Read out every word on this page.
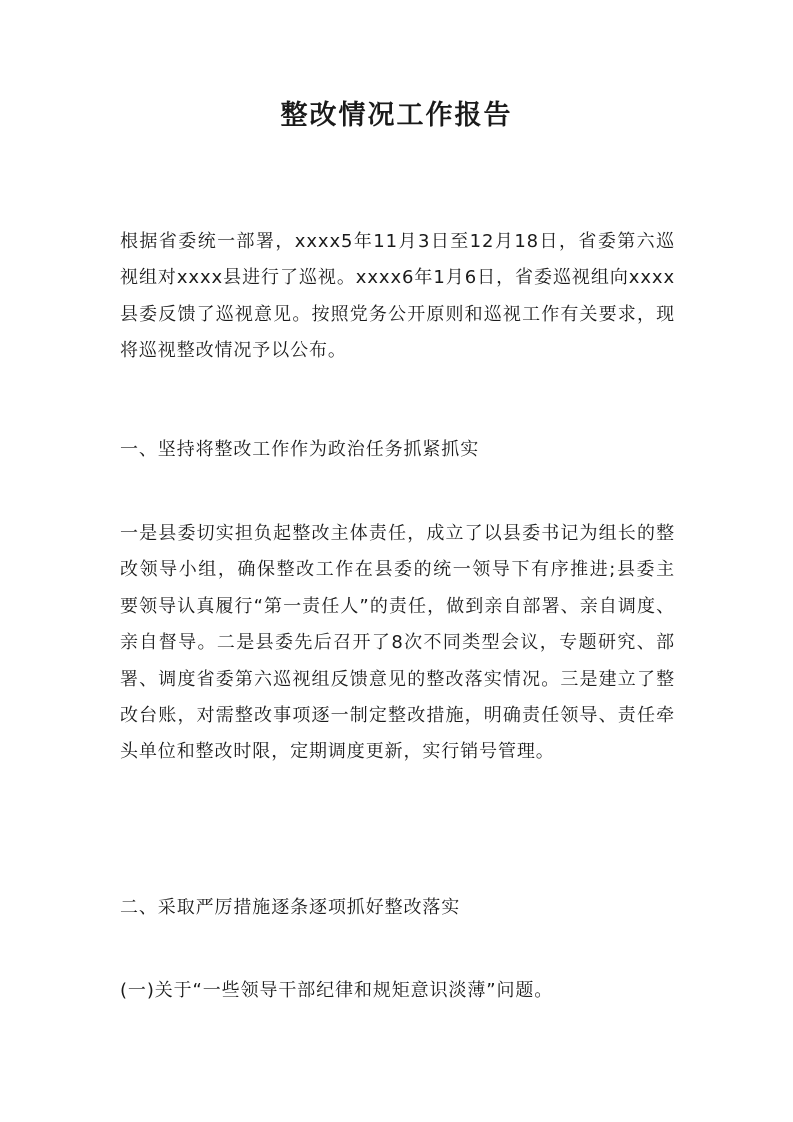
整改情况工作报告
根据省委统一部署，xxxx5年11月3日至12月18日，省委第六巡视组对xxxx县进行了巡视。xxxx6年1月6日，省委巡视组向xxxx县委反馈了巡视意见。按照党务公开原则和巡视工作有关要求，现将巡视整改情况予以公布。
一、坚持将整改工作作为政治任务抓紧抓实
一是县委切实担负起整改主体责任，成立了以县委书记为组长的整改领导小组，确保整改工作在县委的统一领导下有序推进;县委主要领导认真履行“第一责任人”的责任，做到亲自部署、亲自调度、亲自督导。二是县委先后召开了8次不同类型会议，专题研究、部署、调度省委第六巡视组反馈意见的整改落实情况。三是建立了整改台账，对需整改事项逐一制定整改措施，明确责任领导、责任牵头单位和整改时限，定期调度更新，实行销号管理。
二、采取严厉措施逐条逐项抓好整改落实
(一)关于“一些领导干部纪律和规矩意识淡薄”问题。
